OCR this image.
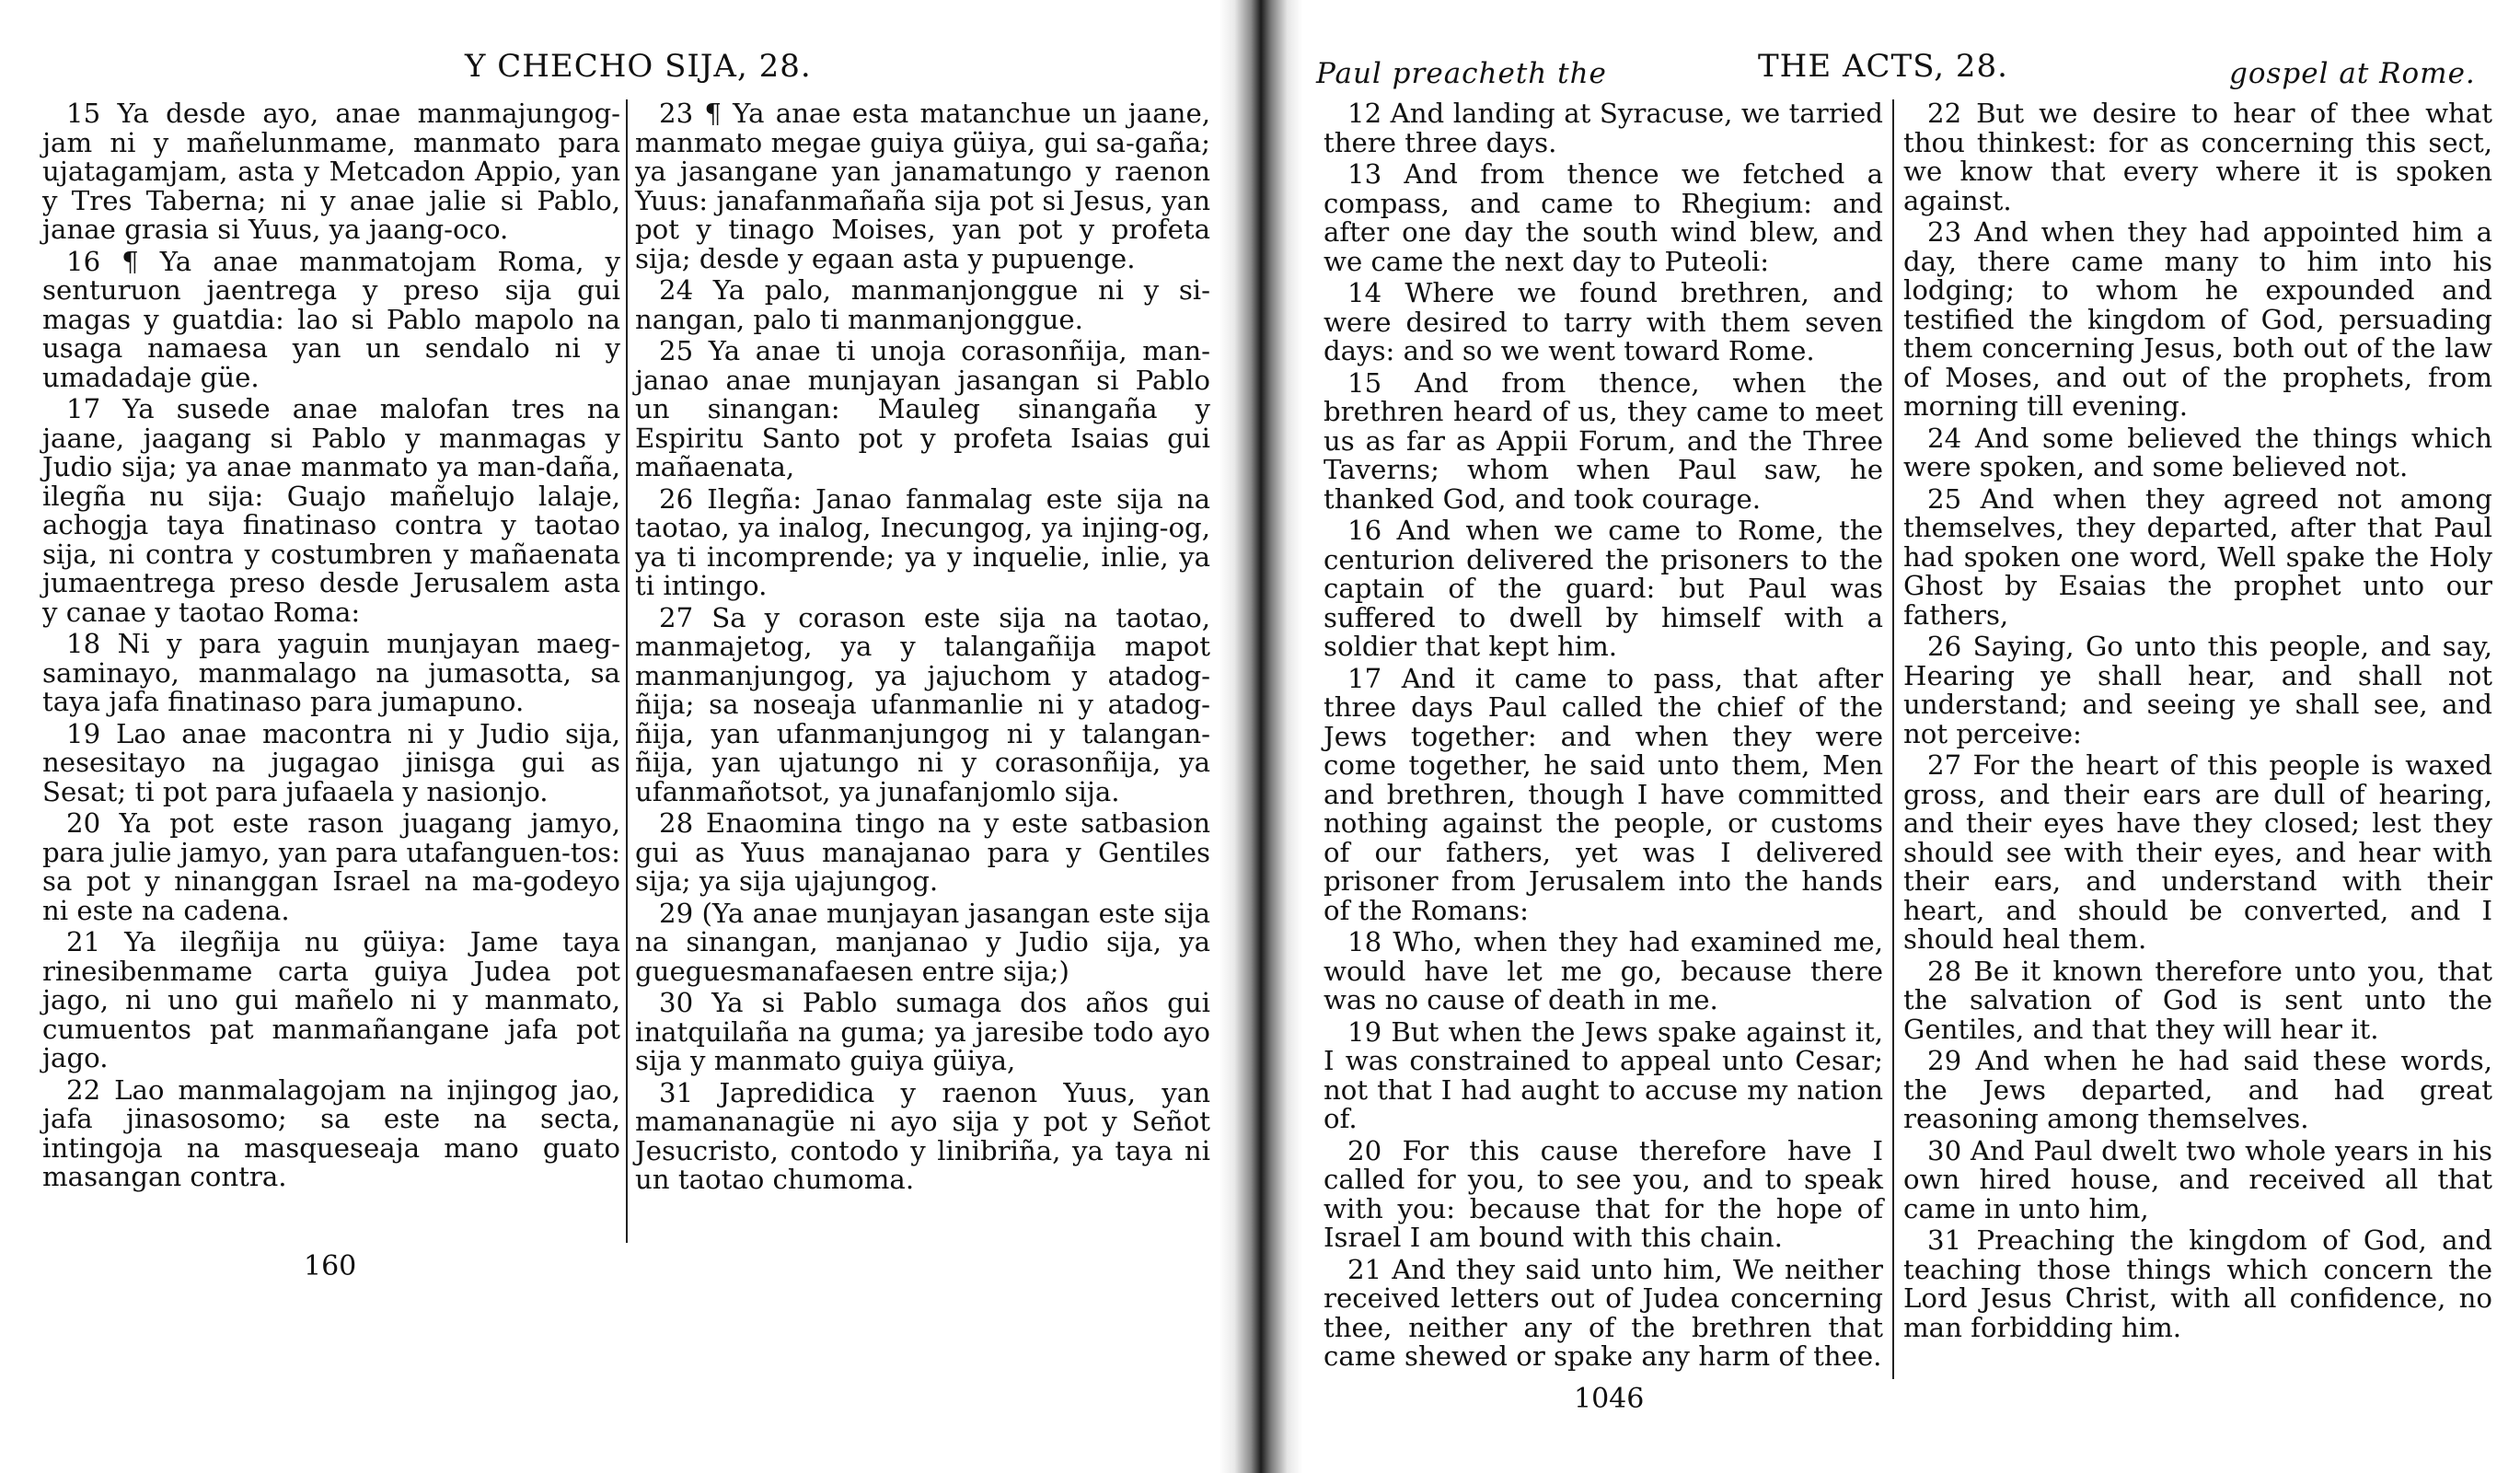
Y CHECHO SIJA, 28.

15 Ya desde ayo, anae manmajungog-jam ni y mañelunmame, manmato para ujatagamjam, asta y Metcadon Appio, yan y Tres Taberna; ni y anae jalie si Pablo, janae grasia si Yuus, ya jaang-oco.

16 ¶ Ya anae manmatojam Roma, y senturuon jaentrega y preso sija gui magas y guatdia: lao si Pablo mapolo na usaga namaesa yan un sendalo ni y umadadaje güe.

17 Ya susede anae malofan tres na jaane, jaagang si Pablo y manmagas y Judio sija; ya anae manmato ya man-daña, ilegña nu sija: Guajo mañelujo lalaje, achogja taya finatinaso contra y taotao sija, ni contra y costumbren y mañaenata jumaentrega preso desde Jerusalem asta y canae y taotao Roma:

18 Ni y para yaguin munjayan maeg-saminayo, manmalago na jumasotta, sa taya jafa finatinaso para jumapuno.

19 Lao anae macontra ni y Judio sija, nesesitayo na jugagao jinisga gui as Sesat; ti pot para jufaaela y nasionjo.

20 Ya pot este rason juagang jamyo, para julie jamyo, yan para utafanguen-tos: sa pot y ninanggan Israel na ma-godeyo ni este na cadena.

21 Ya ilegñija nu güiya: Jame taya rinesibenmame carta guiya Judea pot jago, ni uno gui mañelo ni y manmato, cumuentos pat manmañangane jafa pot jago.

22 Lao manmalagojam na injingog jao, jafa jinasosomo; sa este na secta, intingoja na masqueseaja mano guato masangan contra.

23 ¶ Ya anae esta matanchue un jaane, manmato megae guiya güiya, gui sa-gaña; ya jasangane yan janamatungo y raenon Yuus: janafanmañaña sija pot si Jesus, yan pot y tinago Moises, yan pot y profeta sija; desde y egaan asta y pupuenge.

24 Ya palo, manmanjonggue ni y si-nangan, palo ti manmanjonggue.

25 Ya anae ti unoja corasonñija, man-janao anae munjayan jasangan si Pablo un sinangan: Mauleg sinangaña y Espiritu Santo pot y profeta Isaias gui mañaenata,

26 Ilegña: Janao fanmalag este sija na taotao, ya inalog, Inecungog, ya injing-og, ya ti incomprende; ya y inquelie, inlie, ya ti intingo.

27 Sa y corason este sija na taotao, manmajetog, ya y talangañija mapot manmanjungog, ya jajuchom y atadog-ñija; sa noseaja ufanmanlie ni y atadog-ñija, yan ufanmanjungog ni y talangan-ñija, yan ujatungo ni y corasonñija, ya ufanmañotsot, ya junafanjomlo sija.

28 Enaomina tingo na y este satbasion gui as Yuus manajanao para y Gentiles sija; ya sija ujajungog.

29 (Ya anae munjayan jasangan este sija na sinangan, manjanao y Judio sija, ya gueguesmanafaesen entre sija;)

30 Ya si Pablo sumaga dos años gui inatquilaña na guma; ya jaresibe todo ayo sija y manmato guiya güiya,

31 Japredidica y raenon Yuus, yan mamananagüe ni ayo sija y pot y Señot Jesucristo, contodo y linibriña, ya taya ni un taotao chumoma.

160
Paul preacheth the	THE ACTS, 28.	gospel at Rome.

12 And landing at Syracuse, we tarried there three days.

13 And from thence we fetched a compass, and came to Rhegium: and after one day the south wind blew, and we came the next day to Puteoli:

14 Where we found brethren, and were desired to tarry with them seven days: and so we went toward Rome.

15 And from thence, when the brethren heard of us, they came to meet us as far as Appii Forum, and the Three Taverns; whom when Paul saw, he thanked God, and took courage.

16 And when we came to Rome, the centurion delivered the prisoners to the captain of the guard: but Paul was suffered to dwell by himself with a soldier that kept him.

17 And it came to pass, that after three days Paul called the chief of the Jews together: and when they were come together, he said unto them, Men and brethren, though I have committed nothing against the people, or customs of our fathers, yet was I delivered prisoner from Jerusalem into the hands of the Romans:

18 Who, when they had examined me, would have let me go, because there was no cause of death in me.

19 But when the Jews spake against it, I was constrained to appeal unto Cesar; not that I had aught to accuse my nation of.

20 For this cause therefore have I called for you, to see you, and to speak with you: because that for the hope of Israel I am bound with this chain.

21 And they said unto him, We neither received letters out of Judea concerning thee, neither any of the brethren that came shewed or spake any harm of thee.

22 But we desire to hear of thee what thou thinkest: for as concerning this sect, we know that every where it is spoken against.

23 And when they had appointed him a day, there came many to him into his lodging; to whom he expounded and testified the kingdom of God, persuading them concerning Jesus, both out of the law of Moses, and out of the prophets, from morning till evening.

24 And some believed the things which were spoken, and some believed not.

25 And when they agreed not among themselves, they departed, after that Paul had spoken one word, Well spake the Holy Ghost by Esaias the prophet unto our fathers,

26 Saying, Go unto this people, and say, Hearing ye shall hear, and shall not understand; and seeing ye shall see, and not perceive:

27 For the heart of this people is waxed gross, and their ears are dull of hearing, and their eyes have they closed; lest they should see with their eyes, and hear with their ears, and understand with their heart, and should be converted, and I should heal them.

28 Be it known therefore unto you, that the salvation of God is sent unto the Gentiles, and that they will hear it.

29 And when he had said these words, the Jews departed, and had great reasoning among themselves.

30 And Paul dwelt two whole years in his own hired house, and received all that came in unto him,

31 Preaching the kingdom of God, and teaching those things which concern the Lord Jesus Christ, with all confidence, no man forbidding him.

1046
